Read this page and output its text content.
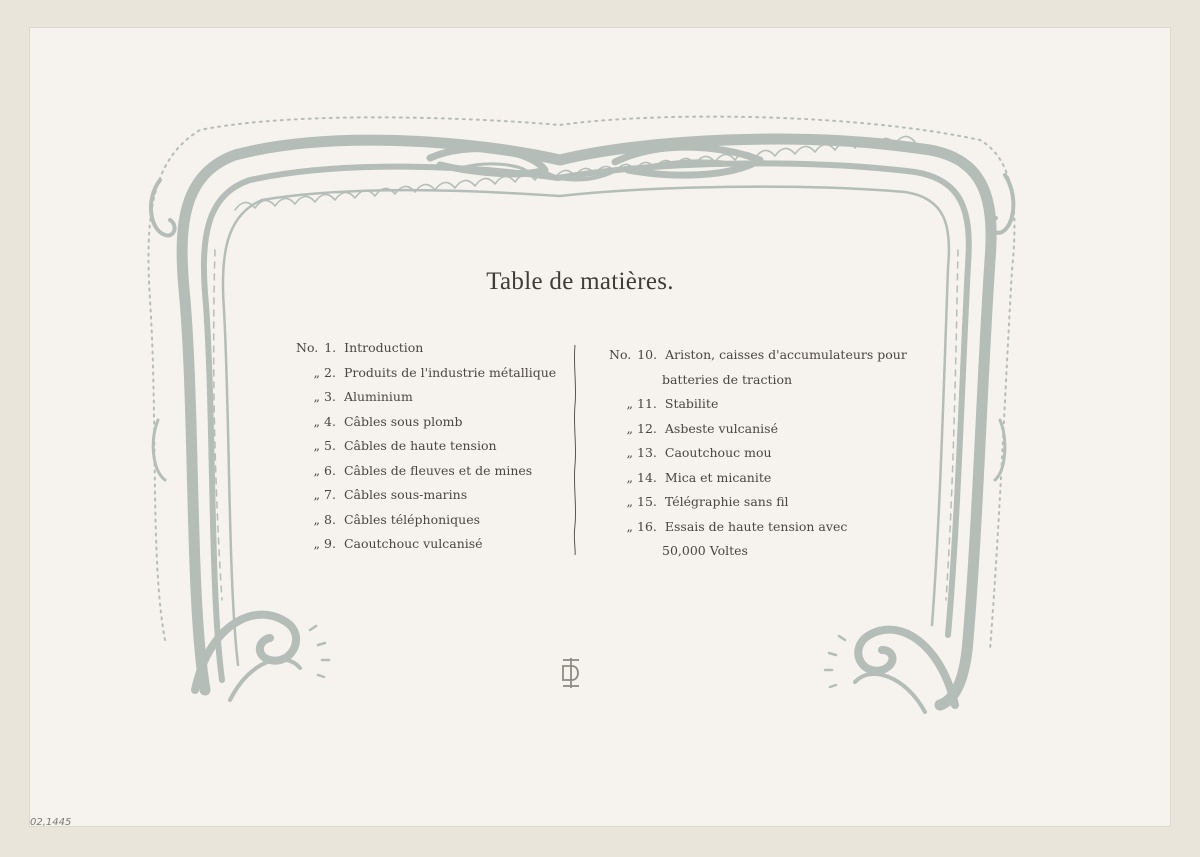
Table de matières.
02,1445
No. 1. Introduction
„ 2. Produits de l'industrie métallique
„ 3. Aluminium
„ 4. Câbles sous plomb
„ 5. Câbles de haute tension
„ 6. Câbles de fleuves et de mines
„ 7. Câbles sous-marins
„ 8. Câbles téléphoniques
„ 9. Caoutchouc vulcanisé
No. 10. Ariston, caisses d'accumulateurs pour
batteries de traction
„ 11. Stabilite
„ 12. Asbeste vulcanisé
„ 13. Caoutchouc mou
„ 14. Mica et micanite
„ 15. Télégraphie sans fil
„ 16. Essais de haute tension avec
50,000 Voltes
